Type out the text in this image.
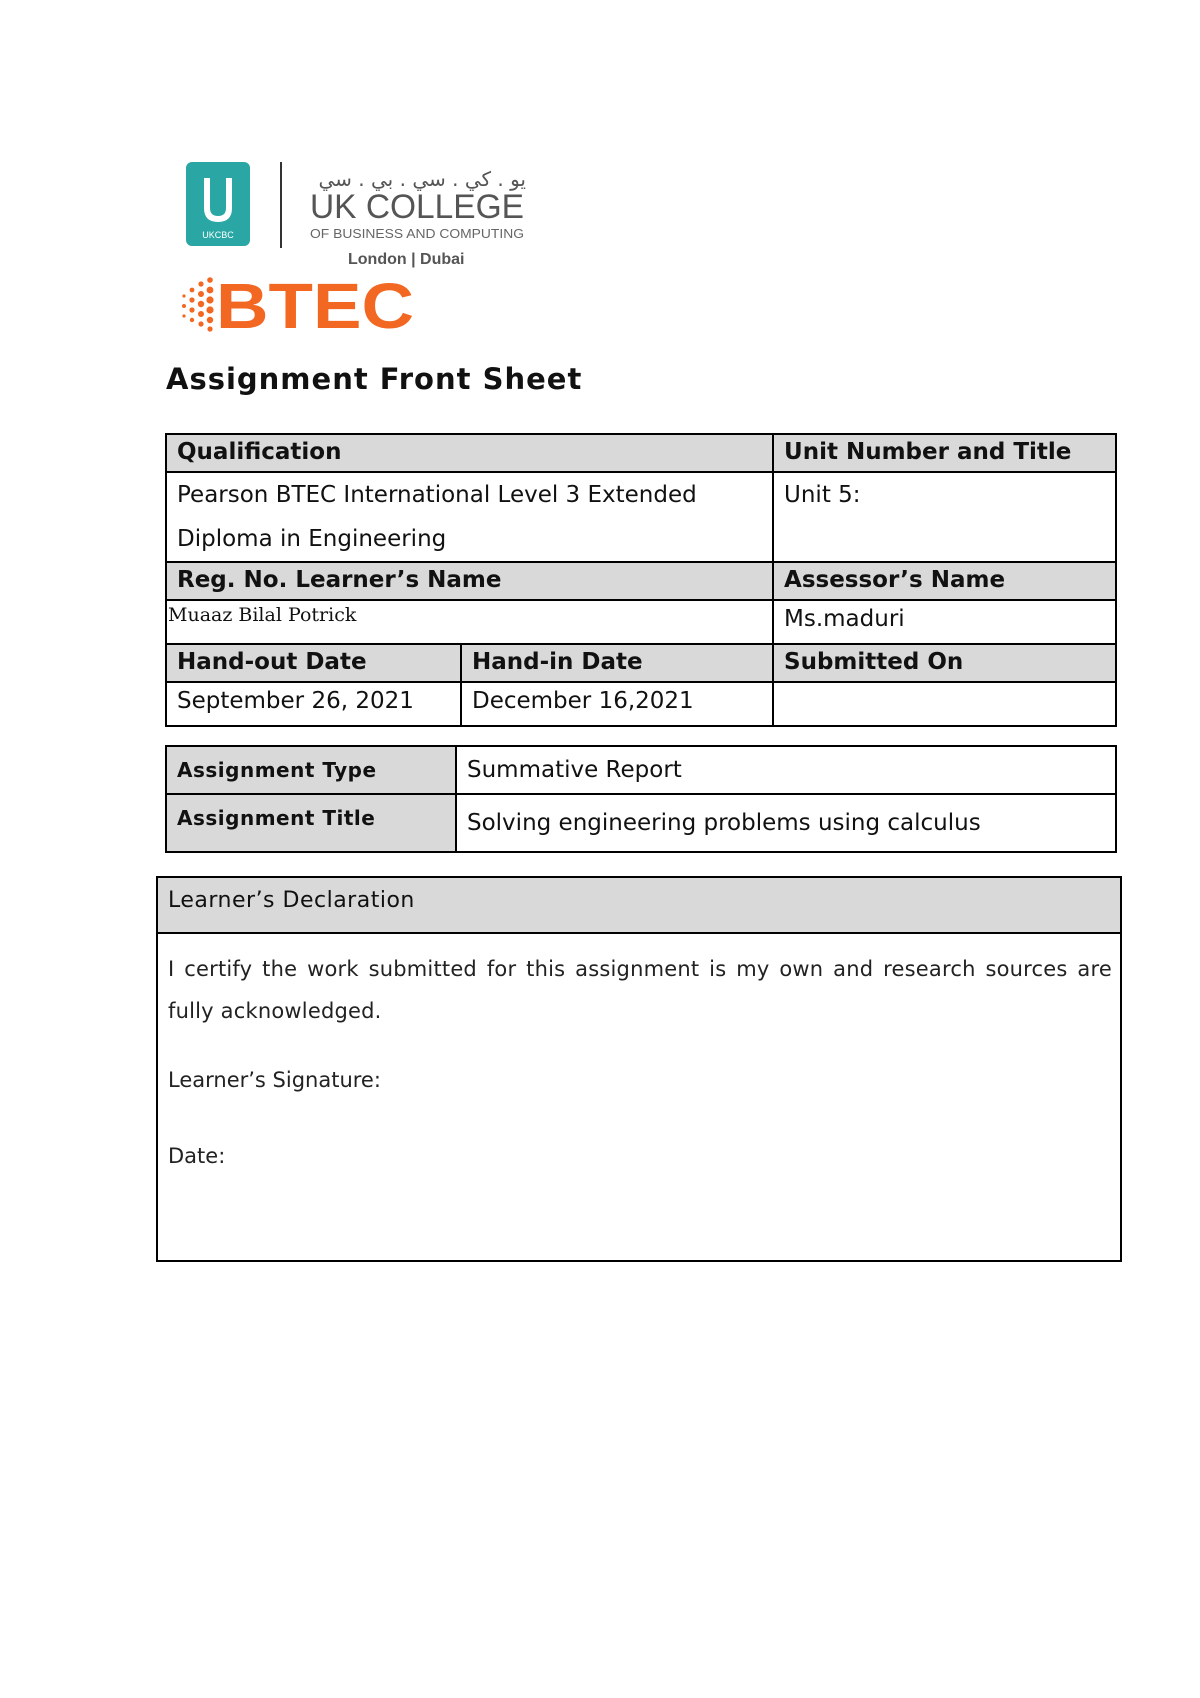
UKCBC
يو . كي . سي . بي . سي
UK COLLEGE
OF BUSINESS AND COMPUTING
London | Dubai
BTEC
Assignment Front Sheet
Qualification		Unit Number and Title
Pearson BTEC International Level 3 Extended Diploma in Engineering		Unit 5:
Reg. No. Learner’s Name		Assessor’s Name
Muaaz Bilal Potrick		Ms.maduri
Hand-out Date	Hand-in Date	Submitted On
September 26, 2021	December 16,2021	
Assignment Type	Summative Report
Assignment Title	Solving engineering problems using calculus
Learner’s Declaration
I certify the work submitted for this assignment is my own and research sources are fully acknowledged.
Learner’s Signature:
Date:
